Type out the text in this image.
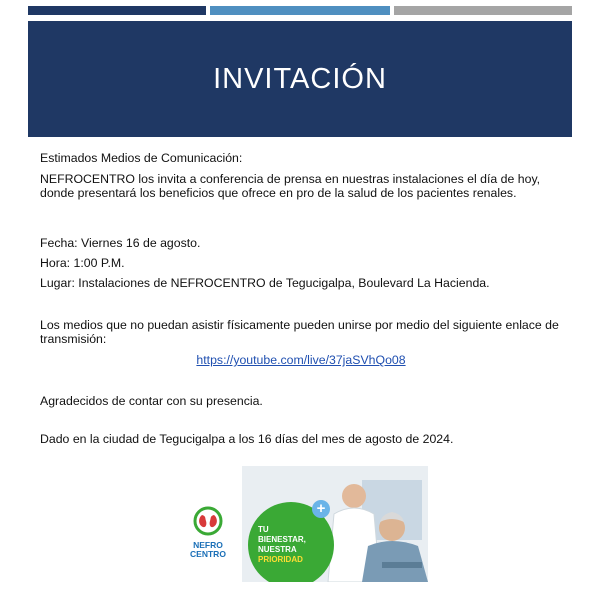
INVITACIÓN

Estimados Medios de Comunicación:

NEFROCENTRO los invita a conferencia de prensa en nuestras instalaciones el día de hoy, donde presentará los beneficios que ofrece en pro de la salud de los pacientes renales.

Fecha: Viernes 16 de agosto.

Hora: 1:00 P.M.

Lugar: Instalaciones de NEFROCENTRO de Tegucigalpa, Boulevard La Hacienda.

Los medios que no puedan asistir físicamente pueden unirse por medio del siguiente enlace de transmisión:

https://youtube.com/live/37jaSVhQo08

Agradecidos de contar con su presencia.

Dado en la ciudad de Tegucigalpa a los 16 días del mes de agosto de 2024.

NEFRO
CENTRO
TU
BIENESTAR,
NUESTRA
PRIORIDAD
+
